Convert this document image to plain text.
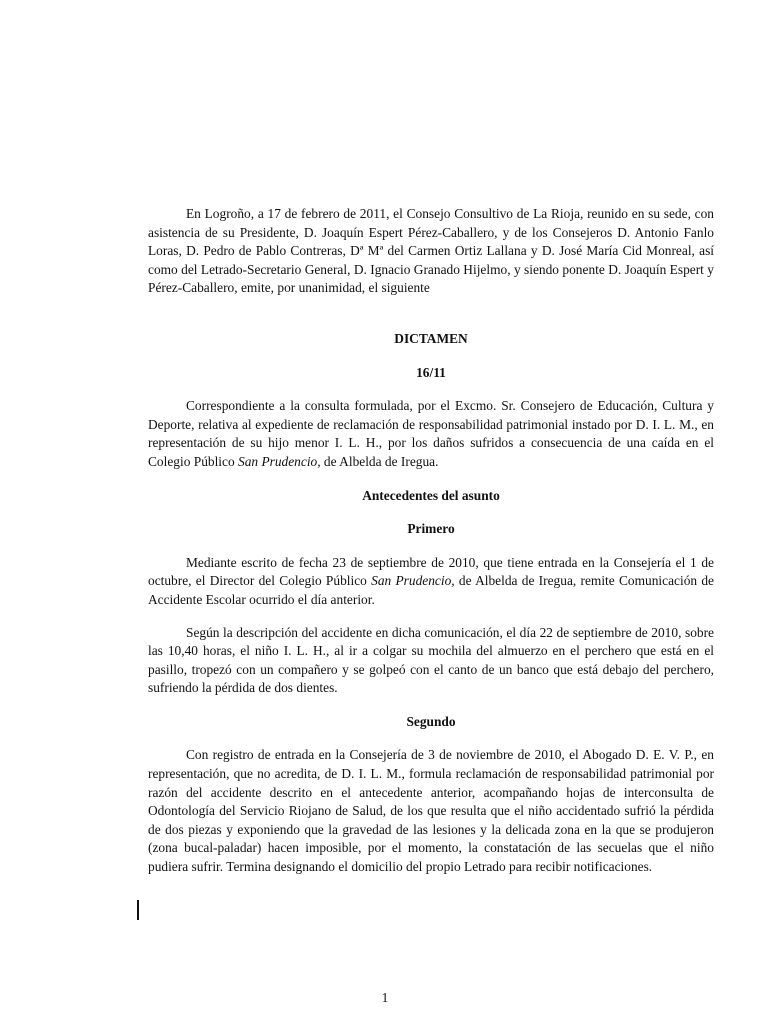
En Logroño, a 17 de febrero de 2011, el Consejo Consultivo de La Rioja, reunido en su sede, con asistencia de su Presidente, D. Joaquín Espert Pérez-Caballero, y de los Consejeros D. Antonio Fanlo Loras, D. Pedro de Pablo Contreras, Dª Mª del Carmen Ortiz Lallana y D. José María Cid Monreal, así como del Letrado-Secretario General, D. Ignacio Granado Hijelmo, y siendo ponente D. Joaquín Espert y Pérez-Caballero, emite, por unanimidad, el siguiente

DICTAMEN

16/11

Correspondiente a la consulta formulada, por el Excmo. Sr. Consejero de Educación, Cultura y Deporte, relativa al expediente de reclamación de responsabilidad patrimonial instado por D. I. L. M., en representación de su hijo menor I. L. H., por los daños sufridos a consecuencia de una caída en el Colegio Público San Prudencio, de Albelda de Iregua.

Antecedentes del asunto

Primero

Mediante escrito de fecha 23 de septiembre de 2010, que tiene entrada en la Consejería el 1 de octubre, el Director del Colegio Público San Prudencio, de Albelda de Iregua, remite Comunicación de Accidente Escolar ocurrido el día anterior.

Según la descripción del accidente en dicha comunicación, el día 22 de septiembre de 2010, sobre las 10,40 horas, el niño I. L. H., al ir a colgar su mochila del almuerzo en el perchero que está en el pasillo, tropezó con un compañero y se golpeó con el canto de un banco que está debajo del perchero, sufriendo la pérdida de dos dientes.

Segundo

Con registro de entrada en la Consejería de 3 de noviembre de 2010, el Abogado D. E. V. P., en representación, que no acredita, de D. I. L. M., formula reclamación de responsabilidad patrimonial por razón del accidente descrito en el antecedente anterior, acompañando hojas de interconsulta de Odontología del Servicio Riojano de Salud, de los que resulta que el niño accidentado sufrió la pérdida de dos piezas y exponiendo que la gravedad de las lesiones y la delicada zona en la que se produjeron (zona bucal-paladar) hacen imposible, por el momento, la constatación de las secuelas que el niño pudiera sufrir. Termina designando el domicilio del propio Letrado para recibir notificaciones.

1
